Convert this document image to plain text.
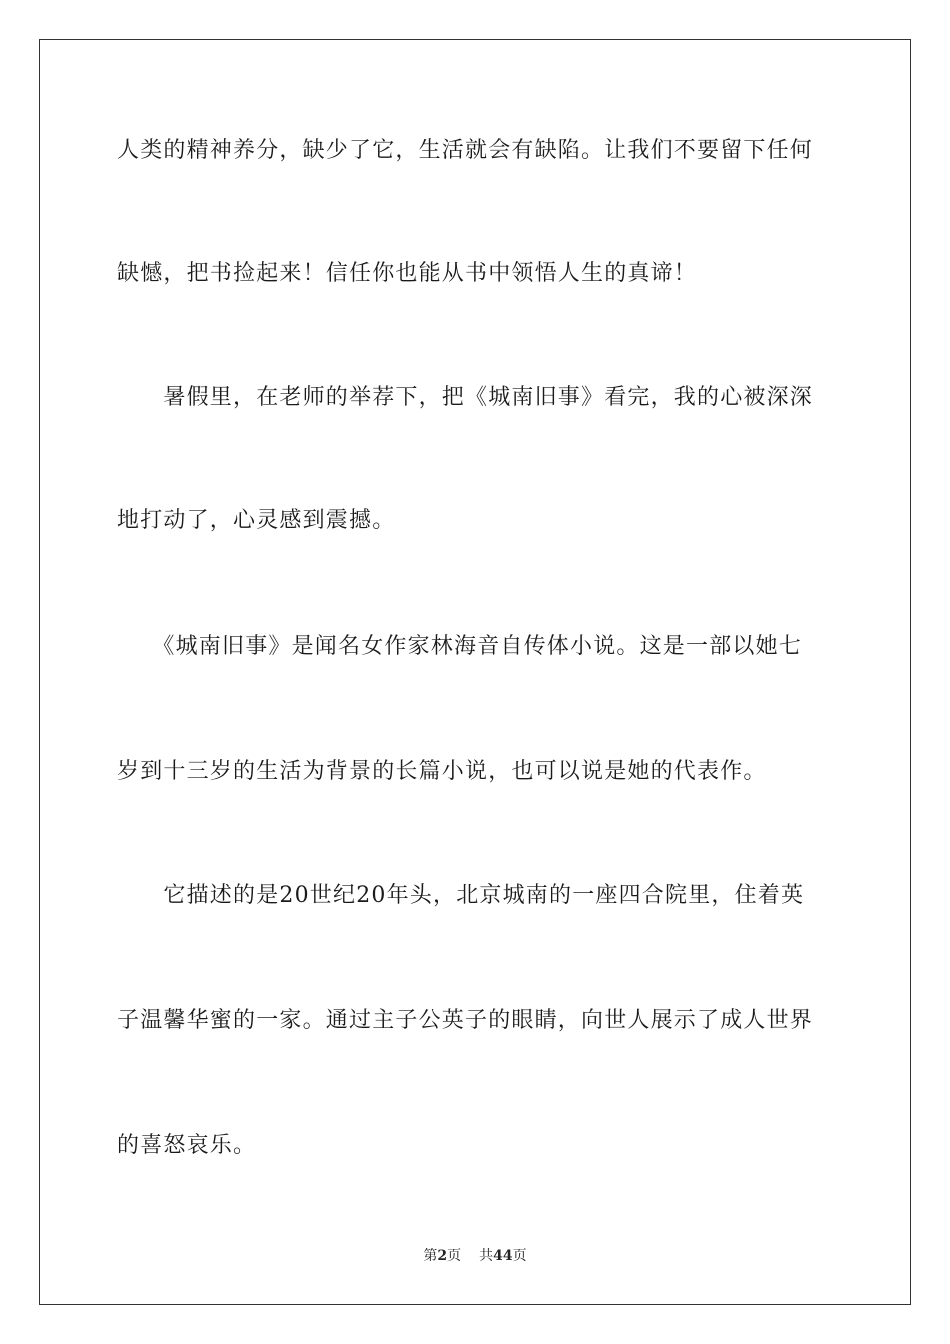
人类的精神养分，缺少了它，生活就会有缺陷。让我们不要留下任何
缺憾，把书捡起来！信任你也能从书中领悟人生的真谛！
　　暑假里，在老师的举荐下，把《城南旧事》看完，我的心被深深
地打动了，心灵感到震撼。
　　《城南旧事》是闻名女作家林海音自传体小说。这是一部以她七
岁到十三岁的生活为背景的长篇小说，也可以说是她的代表作。
　　它描述的是20世纪20年头，北京城南的一座四合院里，住着英
子温馨华蜜的一家。通过主子公英子的眼睛，向世人展示了成人世界
的喜怒哀乐。
第2页 共44页
